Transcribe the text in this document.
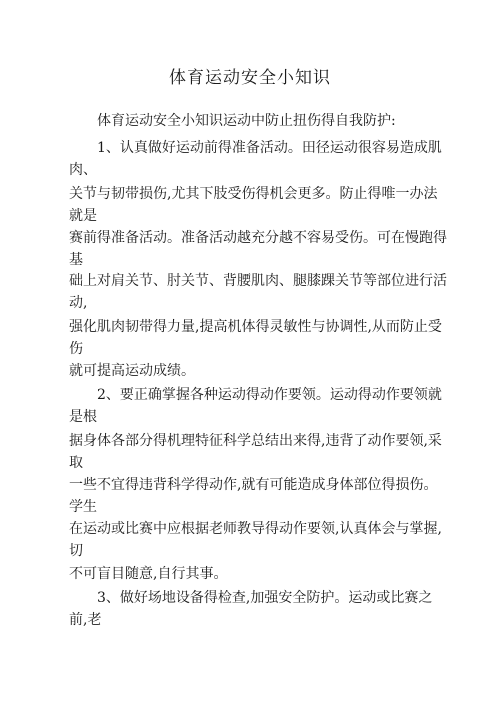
体育运动安全小知识

体育运动安全小知识运动中防止扭伤得自我防护:

1、认真做好运动前得准备活动。田径运动很容易造成肌肉、

关节与韧带损伤,尤其下肢受伤得机会更多。防止得唯一办法就是

赛前得准备活动。准备活动越充分越不容易受伤。可在慢跑得基

础上对肩关节、肘关节、背腰肌肉、腿膝踝关节等部位进行活动,

强化肌肉韧带得力量,提高机体得灵敏性与协调性,从而防止受伤

就可提高运动成绩。

2、要正确掌握各种运动得动作要领。运动得动作要领就是根

据身体各部分得机理特征科学总结出来得,违背了动作要领,采取

一些不宜得违背科学得动作,就有可能造成身体部位得损伤。学生

在运动或比赛中应根据老师教导得动作要领,认真体会与掌握,切

不可盲目随意,自行其事。

3、做好场地设备得检查,加强安全防护。运动或比赛之前,老
